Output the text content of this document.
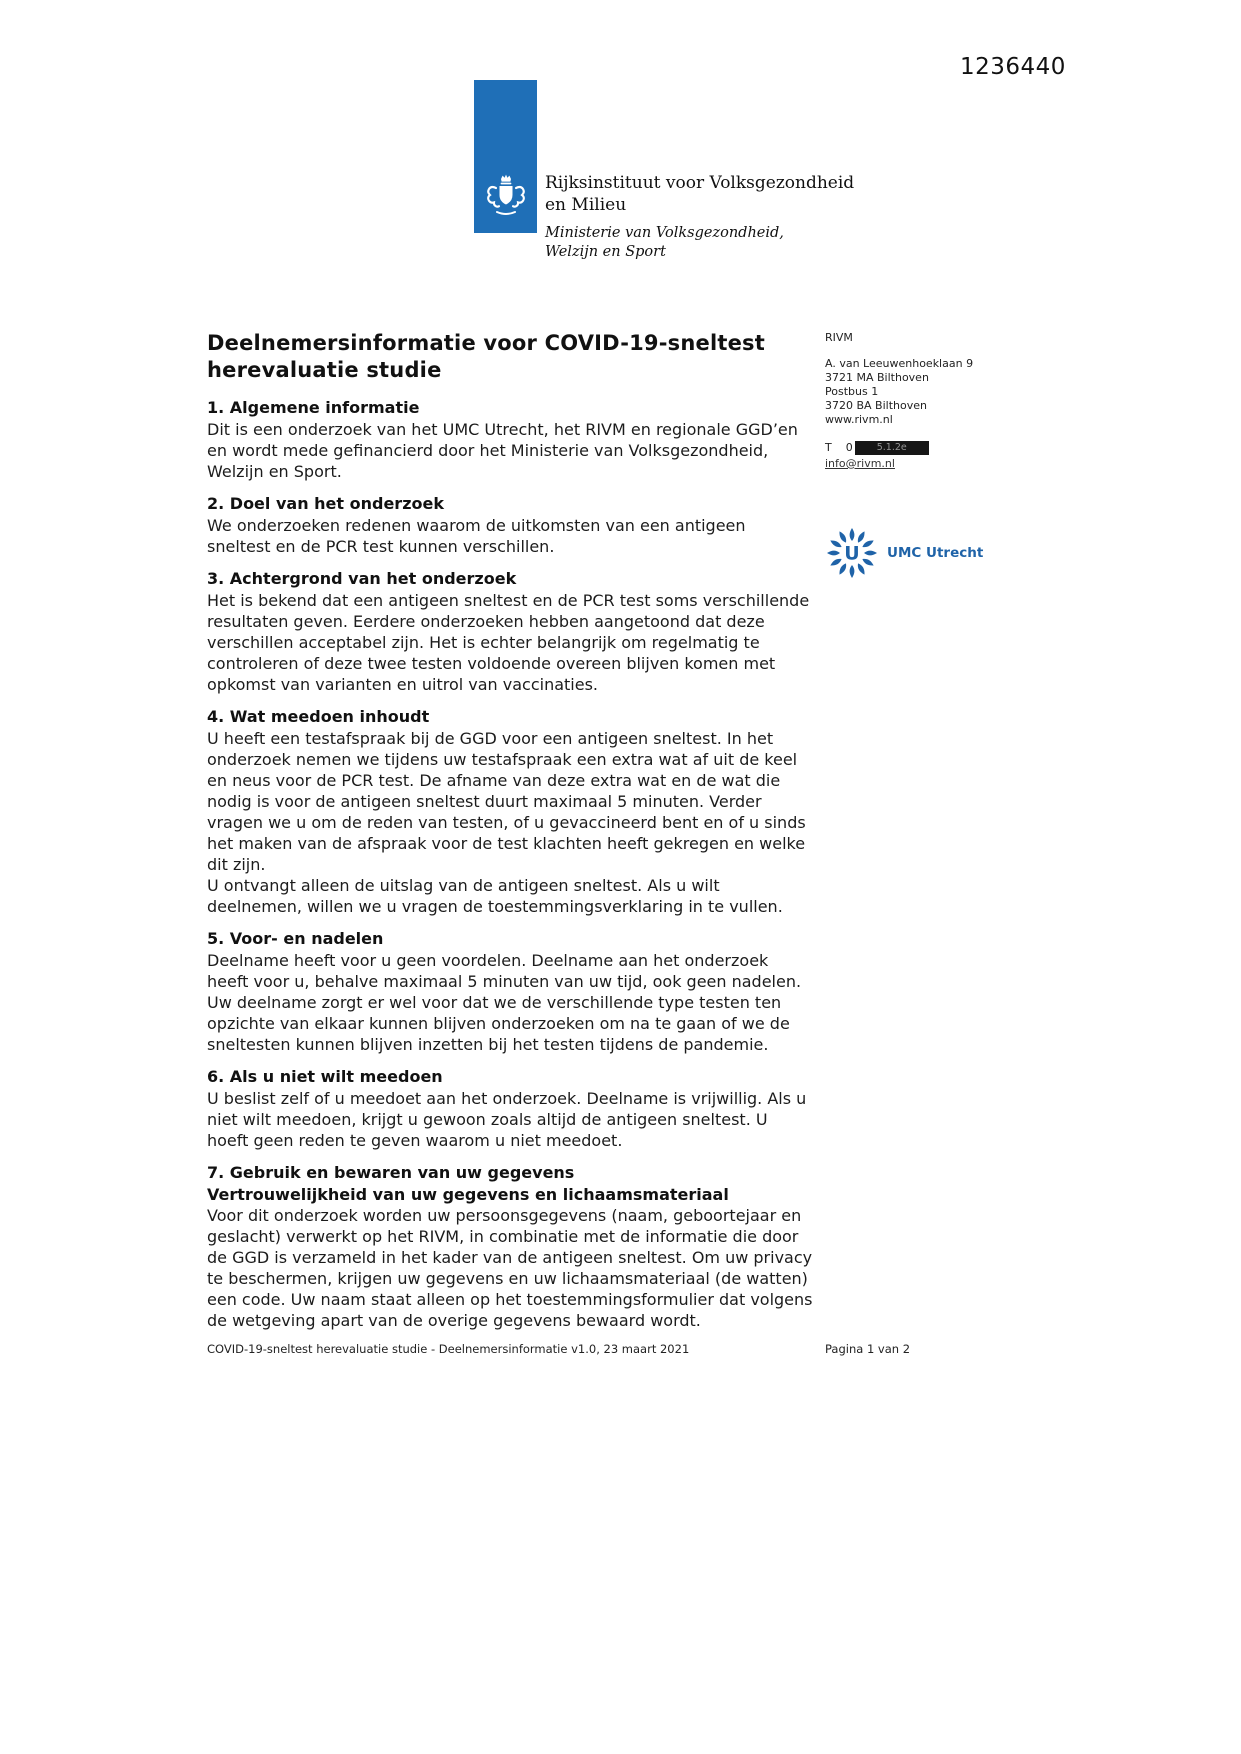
1236440
Rijksinstituut voor Volksgezondheid
en Milieu
Ministerie van Volksgezondheid,
Welzijn en Sport
RIVM
A. van Leeuwenhoeklaan 9
3721 MA Bilthoven
Postbus 1
3720 BA Bilthoven
www.rivm.nl
T 0	5.1.2e
info@rivm.nl
U UMC Utrecht
Deelnemersinformatie voor COVID-19-sneltest herevaluatie studie
1. Algemene informatie

Dit is een onderzoek van het UMC Utrecht, het RIVM en regionale GGD’en en wordt mede gefinancierd door het Ministerie van Volksgezondheid, Welzijn en Sport.

2. Doel van het onderzoek

We onderzoeken redenen waarom de uitkomsten van een antigeen sneltest en de PCR test kunnen verschillen.

3. Achtergrond van het onderzoek

Het is bekend dat een antigeen sneltest en de PCR test soms verschillende resultaten geven. Eerdere onderzoeken hebben aangetoond dat deze verschillen acceptabel zijn. Het is echter belangrijk om regelmatig te controleren of deze twee testen voldoende overeen blijven komen met opkomst van varianten en uitrol van vaccinaties.

4. Wat meedoen inhoudt

U heeft een testafspraak bij de GGD voor een antigeen sneltest. In het onderzoek nemen we tijdens uw testafspraak een extra wat af uit de keel en neus voor de PCR test. De afname van deze extra wat en de wat die nodig is voor de antigeen sneltest duurt maximaal 5 minuten. Verder vragen we u om de reden van testen, of u gevaccineerd bent en of u sinds het maken van de afspraak voor de test klachten heeft gekregen en welke dit zijn.

U ontvangt alleen de uitslag van de antigeen sneltest. Als u wilt deelnemen, willen we u vragen de toestemmingsverklaring in te vullen.

5. Voor- en nadelen

Deelname heeft voor u geen voordelen. Deelname aan het onderzoek heeft voor u, behalve maximaal 5 minuten van uw tijd, ook geen nadelen. Uw deelname zorgt er wel voor dat we de verschillende type testen ten opzichte van elkaar kunnen blijven onderzoeken om na te gaan of we de sneltesten kunnen blijven inzetten bij het testen tijdens de pandemie.

6. Als u niet wilt meedoen

U beslist zelf of u meedoet aan het onderzoek. Deelname is vrijwillig. Als u niet wilt meedoen, krijgt u gewoon zoals altijd de antigeen sneltest. U hoeft geen reden te geven waarom u niet meedoet.

7. Gebruik en bewaren van uw gegevens
Vertrouwelijkheid van uw gegevens en lichaamsmateriaal

Voor dit onderzoek worden uw persoonsgegevens (naam, geboortejaar en geslacht) verwerkt op het RIVM, in combinatie met de informatie die door de GGD is verzameld in het kader van de antigeen sneltest. Om uw privacy te beschermen, krijgen uw gegevens en uw lichaamsmateriaal (de watten) een code. Uw naam staat alleen op het toestemmingsformulier dat volgens de wetgeving apart van de overige gegevens bewaard wordt.

COVID-19-sneltest herevaluatie studie - Deelnemersinformatie v1.0, 23 maart 2021	Pagina 1 van 2
